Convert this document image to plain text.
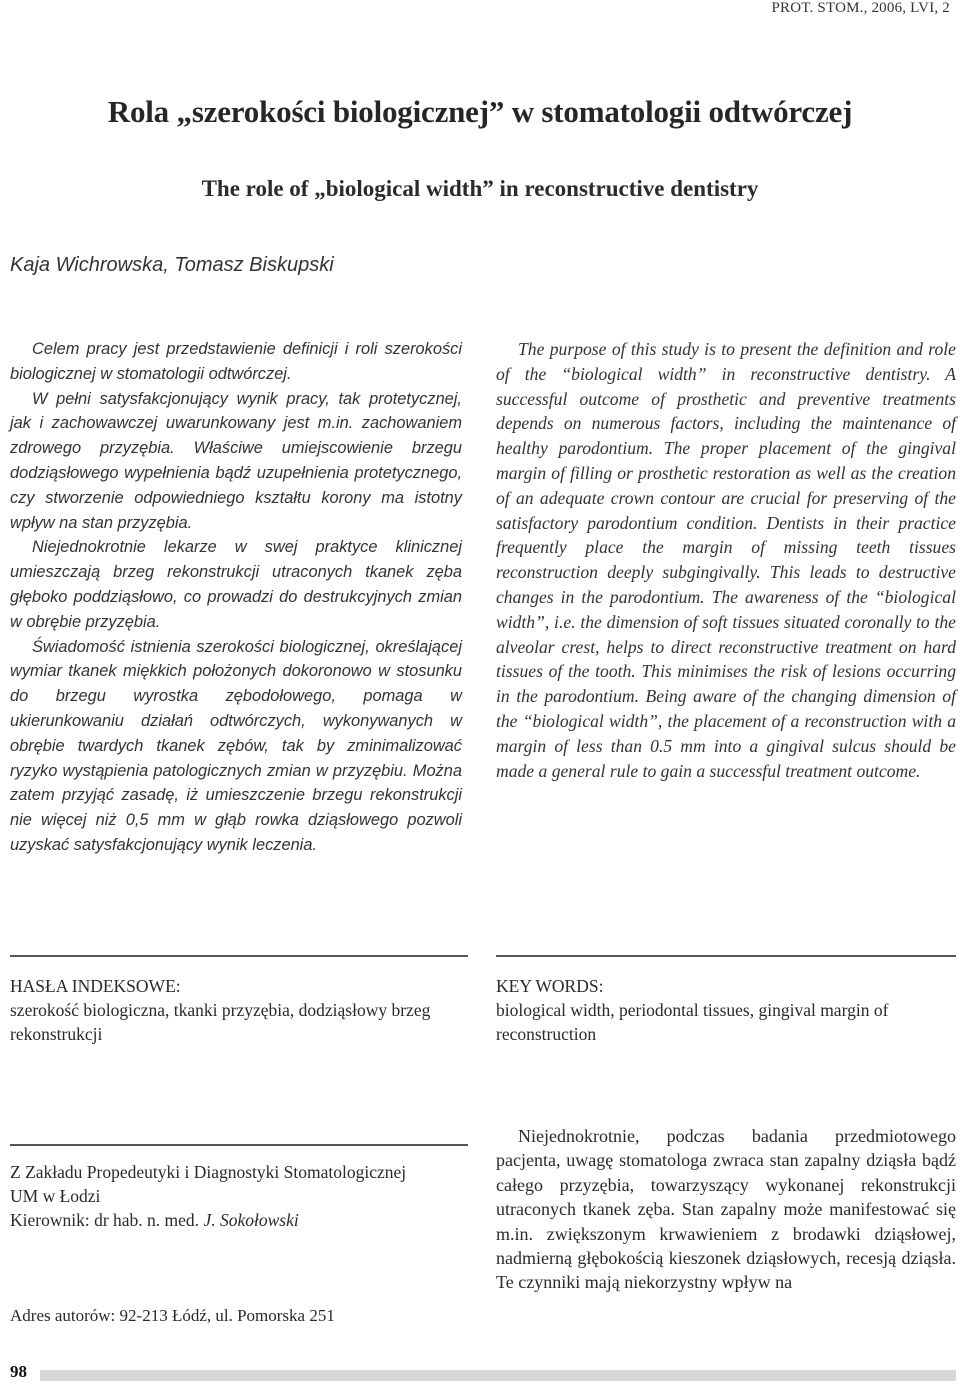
PROT. STOM., 2006, LVI, 2
Rola „szerokości biologicznej” w stomatologii odtwórczej
The role of „biological width” in reconstructive dentistry
Kaja Wichrowska, Tomasz Biskupski

Celem pracy jest przedstawienie definicji i roli szerokości biologicznej w stomatologii odtwórczej.

W pełni satysfakcjonujący wynik pracy, tak protetycznej, jak i zachowawczej uwarunkowany jest m.in. zachowaniem zdrowego przyzębia. Właściwe umiejscowienie brzegu dodziąsłowego wypełnienia bądź uzupełnienia protetycznego, czy stworzenie odpowiedniego kształtu korony ma istotny wpływ na stan przyzębia.

Niejednokrotnie lekarze w swej praktyce klinicznej umieszczają brzeg rekonstrukcji utraconych tkanek zęba głęboko poddziąsłowo, co prowadzi do destrukcyjnych zmian w obrębie przyzębia.

Świadomość istnienia szerokości biologicznej, określającej wymiar tkanek miękkich położonych dokoronowo w stosunku do brzegu wyrostka zębodołowego, pomaga w ukierunkowaniu działań odtwórczych, wykonywanych w obrębie twardych tkanek zębów, tak by zminimalizować ryzyko wystąpienia patologicznych zmian w przyzębiu. Można zatem przyjąć zasadę, iż umieszczenie brzegu rekonstrukcji nie więcej niż 0,5 mm w głąb rowka dziąsłowego pozwoli uzyskać satysfakcjonujący wynik leczenia.

The purpose of this study is to present the definition and role of the “biological width” in reconstructive dentistry. A successful outcome of prosthetic and preventive treatments depends on numerous factors, including the maintenance of healthy parodontium. The proper placement of the gingival margin of filling or prosthetic restoration as well as the creation of an adequate crown contour are crucial for preserving of the satisfactory parodontium condition. Dentists in their practice frequently place the margin of missing teeth tissues reconstruction deeply subgingivally. This leads to destructive changes in the parodontium. The awareness of the “biological width”, i.e. the dimension of soft tissues situated coronally to the alveolar crest, helps to direct reconstructive treatment on hard tissues of the tooth. This minimises the risk of lesions occurring in the parodontium. Being aware of the changing dimension of the “biological width”, the placement of a reconstruction with a margin of less than 0.5 mm into a gingival sulcus should be made a general rule to gain a successful treatment outcome.

HASŁA INDEKSOWE:
szerokość biologiczna, tkanki przyzębia, dodziąsłowy brzeg rekonstrukcji
KEY WORDS:
biological width, periodontal tissues, gingival margin of reconstruction
Z Zakładu Propedeutyki i Diagnostyki Stomatologicznej
UM w Łodzi
Kierownik: dr hab. n. med. J. Sokołowski
Adres autorów: 92-213 Łódź, ul. Pomorska 251
Niejednokrotnie, podczas badania przedmiotowego pacjenta, uwagę stomatologa zwraca stan zapalny dziąsła bądź całego przyzębia, towarzyszący wykonanej rekonstrukcji utraconych tkanek zęba. Stan zapalny może manifestować się m.in. zwiększonym krwawieniem z brodawki dziąsłowej, nadmierną głębokością kieszonek dziąsłowych, recesją dziąsła. Te czynniki mają niekorzystny wpływ na
98
